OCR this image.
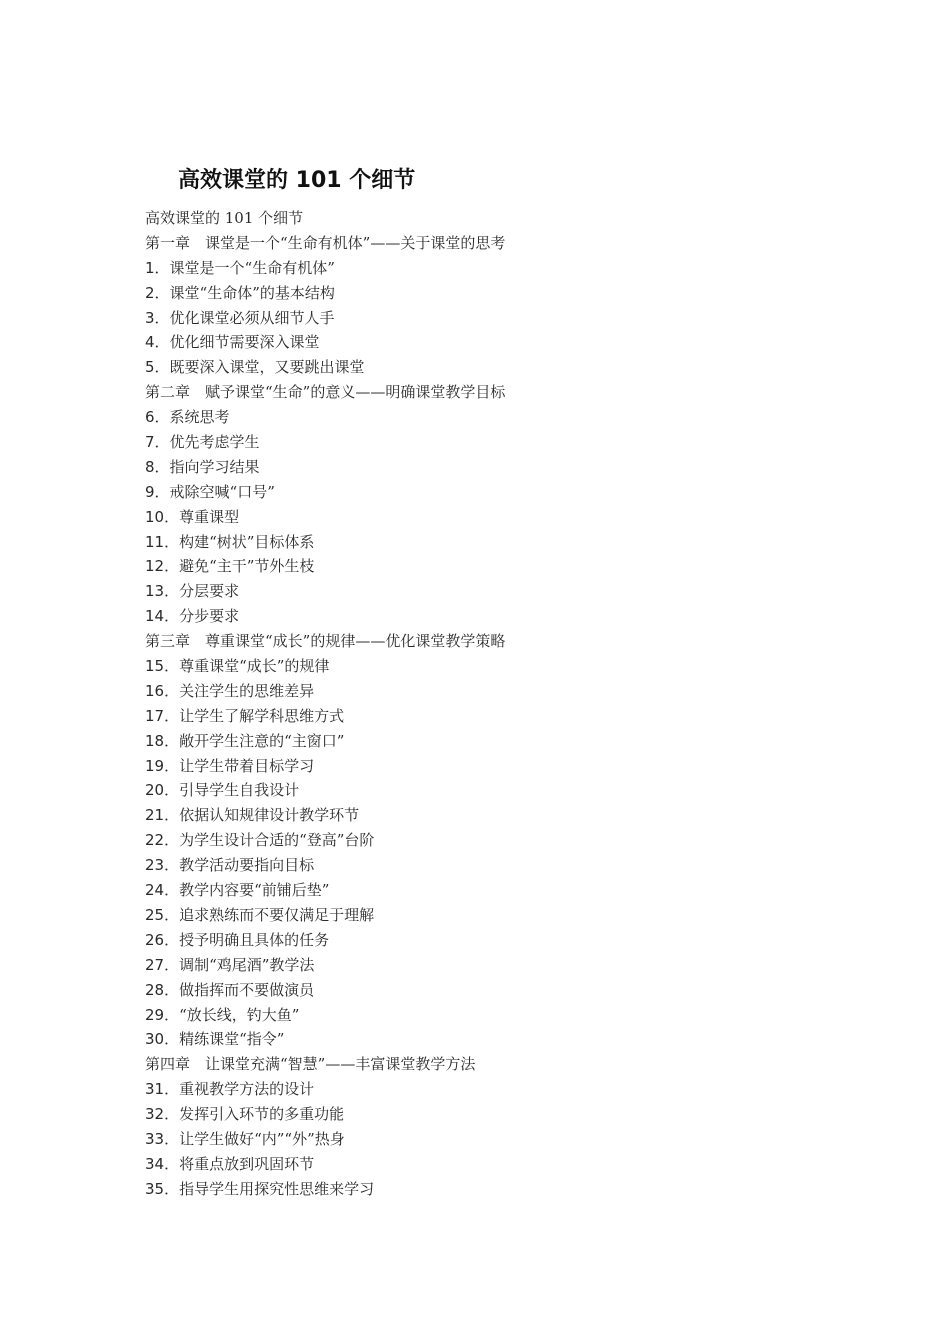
高效课堂的 101 个细节
高效课堂的 101 个细节
第一章　课堂是一个“生命有机体”——关于课堂的思考
1．课堂是一个“生命有机体”
2．课堂“生命体”的基本结构
3．优化课堂必须从细节人手
4．优化细节需要深入课堂
5．既要深入课堂，又要跳出课堂
第二章　赋予课堂“生命”的意义——明确课堂教学目标
6．系统思考
7．优先考虑学生
8．指向学习结果
9．戒除空喊“口号”
10．尊重课型
11．构建“树状”目标体系
12．避免“主干”节外生枝
13．分层要求
14．分步要求
第三章　尊重课堂“成长”的规律——优化课堂教学策略
15．尊重课堂“成长”的规律
16．关注学生的思维差异
17．让学生了解学科思维方式
18．敞开学生注意的“主窗口”
19．让学生带着目标学习
20．引导学生自我设计
21．依据认知规律设计教学环节
22．为学生设计合适的“登高”台阶
23．教学活动要指向目标
24．教学内容要“前铺后垫”
25．追求熟练而不要仅满足于理解
26．授予明确且具体的任务
27．调制“鸡尾酒”教学法
28．做指挥而不要做演员
29．“放长线，钓大鱼”
30．精练课堂“指令”
第四章　让课堂充满“智慧”——丰富课堂教学方法
31．重视教学方法的设计
32．发挥引入环节的多重功能
33．让学生做好“内”“外”热身
34．将重点放到巩固环节
35．指导学生用探究性思维来学习
